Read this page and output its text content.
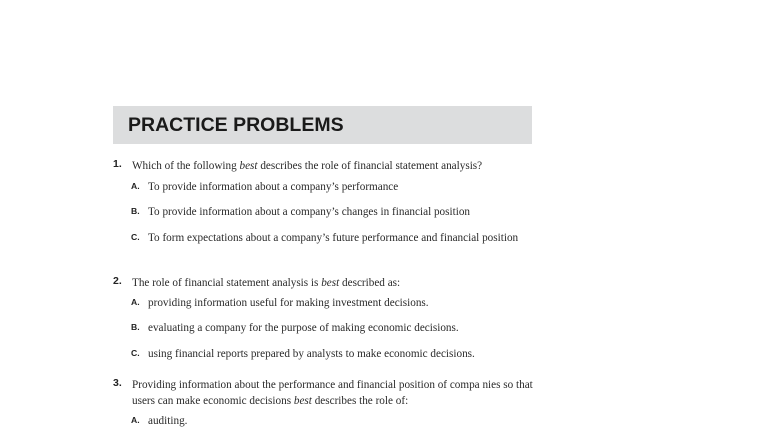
PRACTICE PROBLEMS
1. Which of the following best describes the role of financial statement analysis?
A. To provide information about a company’s performance
B. To provide information about a company’s changes in financial position
C. To form expectations about a company’s future performance and financial position
2. The role of financial statement analysis is best described as:
A. providing information useful for making investment decisions.
B. evaluating a company for the purpose of making economic decisions.
C. using financial reports prepared by analysts to make economic decisions.
3. Providing information about the performance and financial position of compa nies so that users can make economic decisions best describes the role of:
A. auditing.
